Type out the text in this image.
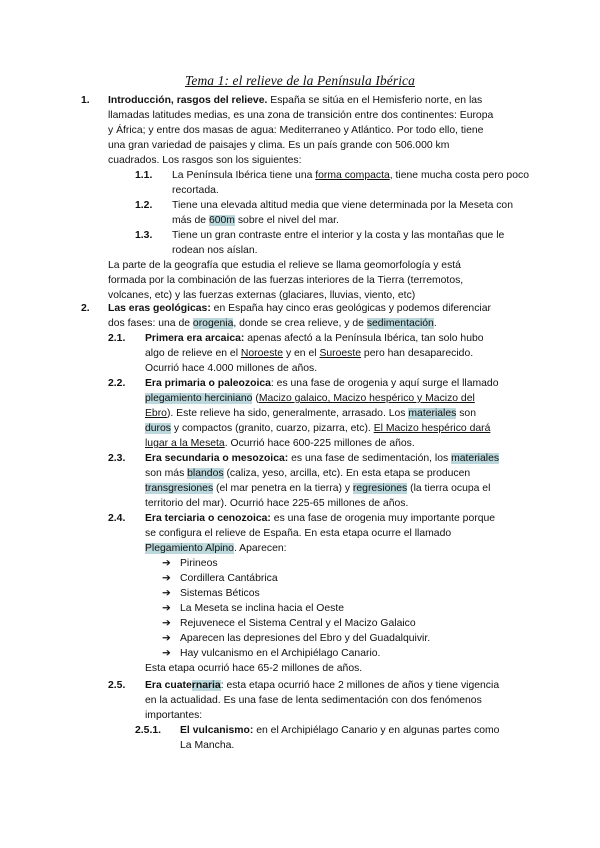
Tema 1: el relieve de la Península Ibérica
1. Introducción, rasgos del relieve. España se sitúa en el Hemisferio norte, en las
llamadas latitudes medias, es una zona de transición entre dos continentes: Europa
y África; y entre dos masas de agua: Mediterraneo y Atlántico. Por todo ello, tiene
una gran variedad de paisajes y clima. Es un país grande con 506.000 km
cuadrados. Los rasgos son los siguientes:
1.1. La Península Ibérica tiene una forma compacta, tiene mucha costa pero poco
recortada.
1.2. Tiene una elevada altitud media que viene determinada por la Meseta con
más de 600m sobre el nivel del mar.
1.3. Tiene un gran contraste entre el interior y la costa y las montañas que le
rodean nos aíslan.
La parte de la geografía que estudia el relieve se llama geomorfología y está
formada por la combinación de las fuerzas interiores de la Tierra (terremotos,
volcanes, etc) y las fuerzas externas (glaciares, lluvias, viento, etc)
2. Las eras geológicas: en España hay cinco eras geológicas y podemos diferenciar
dos fases: una de orogenia, donde se crea relieve, y de sedimentación.
2.1. Primera era arcaica: apenas afectó a la Península Ibérica, tan solo hubo
algo de relieve en el Noroeste y en el Suroeste pero han desaparecido.
Ocurrió hace 4.000 millones de años.
2.2. Era primaria o paleozoica: es una fase de orogenia y aquí surge el llamado
plegamiento herciniano (Macizo galaico, Macizo hespérico y Macizo del
Ebro). Este relieve ha sido, generalmente, arrasado. Los materiales son
duros y compactos (granito, cuarzo, pizarra, etc). El Macizo hespérico dará
lugar a la Meseta. Ocurrió hace 600-225 millones de años.
2.3. Era secundaria o mesozoica: es una fase de sedimentación, los materiales
son más blandos (caliza, yeso, arcilla, etc). En esta etapa se producen
transgresiones (el mar penetra en la tierra) y regresiones (la tierra ocupa el
territorio del mar). Ocurrió hace 225-65 millones de años.
2.4. Era terciaria o cenozoica: es una fase de orogenia muy importante porque
se configura el relieve de España. En esta etapa ocurre el llamado
Plegamiento Alpino. Aparecen:
➔ Pirineos
➔ Cordillera Cantábrica
➔ Sistemas Béticos
➔ La Meseta se inclina hacia el Oeste
➔ Rejuvenece el Sistema Central y el Macizo Galaico
➔ Aparecen las depresiones del Ebro y del Guadalquivir.
➔ Hay vulcanismo en el Archipiélago Canario.
Esta etapa ocurrió hace 65-2 millones de años.
2.5. Era cuaternaria: esta etapa ocurrió hace 2 millones de años y tiene vigencia
en la actualidad. Es una fase de lenta sedimentación con dos fenómenos
importantes:
2.5.1. El vulcanismo: en el Archipiélago Canario y en algunas partes como
La Mancha.
